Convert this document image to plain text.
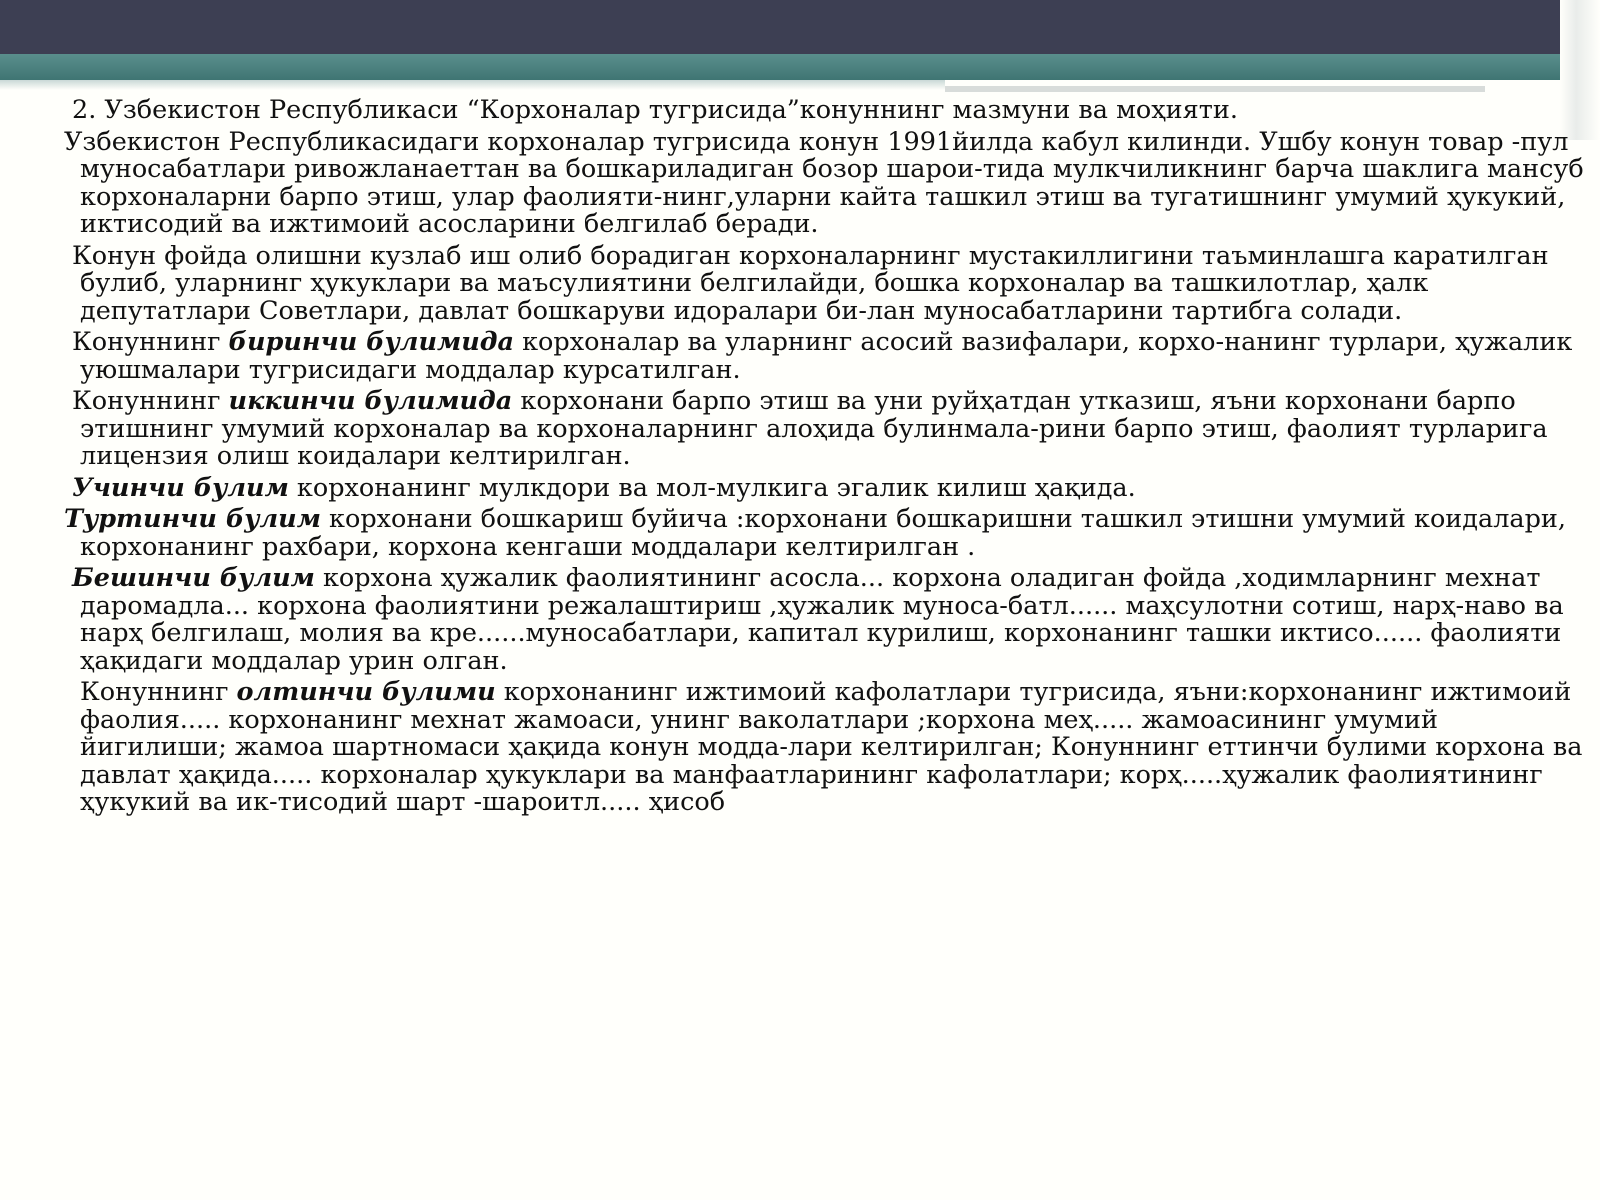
2. Узбекистон Республикаси “Корхоналар тугрисида”конуннинг мазмуни ва моҳияти.

Узбекистон Республикасидаги корхоналар тугрисида конун 1991йилда кабул килинди. Ушбу конун товар -пул муносабатлари ривожланаеттан ва бошкариладиган бозор шарои-тида мулкчиликнинг барча шаклига мансуб корхоналарни барпо этиш, улар фаолияти-нинг,уларни кайта ташкил этиш ва тугатишнинг умумий ҳукукий, иктисодий ва ижтимоий асосларини белгилаб беради.

Конун фойда олишни кузлаб иш олиб борадиган корхоналарнинг мустакиллигини таъминлашга каратилган булиб, уларнинг ҳукуклари ва маъсулиятини белгилайди, бошка корхоналар ва ташкилотлар, ҳалк депутатлари Советлари, давлат бошкаруви идоралари би-лан муносабатларини тартибга солади.

Конуннинг биринчи булимида корхоналар ва уларнинг асосий вазифалари, корхо-нанинг турлари, ҳужалик уюшмалари тугрисидаги моддалар курсатилган.

Конуннинг иккинчи булимида корхонани барпо этиш ва уни руйҳатдан утказиш, яъни корхонани барпо этишнинг умумий корхоналар ва корхоналарнинг алоҳида булинмала-рини барпо этиш, фаолият турларига лицензия олиш коидалари келтирилган.

Учинчи булим корхонанинг мулкдори ва мол-мулкига эгалик килиш ҳақида.

Туртинчи булим корхонани бошкариш буйича :корхонани бошкаришни ташкил этишни умумий коидалари, корхонанинг рахбари, корхона кенгаши моддалари келтирилган .

Бешинчи булим корхона ҳужалик фаолиятининг асосла... корхона оладиган фойда ,ходимларнинг мехнат даромадла... корхона фаолиятини режалаштириш ,ҳужалик муноса-батл...... маҳсулотни сотиш, нарҳ-наво ва нарҳ белгилаш, молия ва кре......муносабатлари, капитал курилиш, корхонанинг ташки иктисо...... фаолияти ҳақидаги моддалар урин олган.

Конуннинг олтинчи булими корхонанинг ижтимоий кафолатлари тугрисида, яъни:корхонанинг ижтимоий фаолия..... корхонанинг мехнат жамоаси, унинг ваколатлари ;корхона меҳ..... жамоасининг умумий йигилиши; жамоа шартномаси ҳақида конун модда-лари келтирилган; Конуннинг еттинчи булими корхона ва давлат ҳақида..... корхоналар ҳукуклари ва манфаатларининг кафолатлари; корҳ.....ҳужалик фаолиятининг ҳукукий ва ик-тисодий шарт -шароитл..... ҳисоб
